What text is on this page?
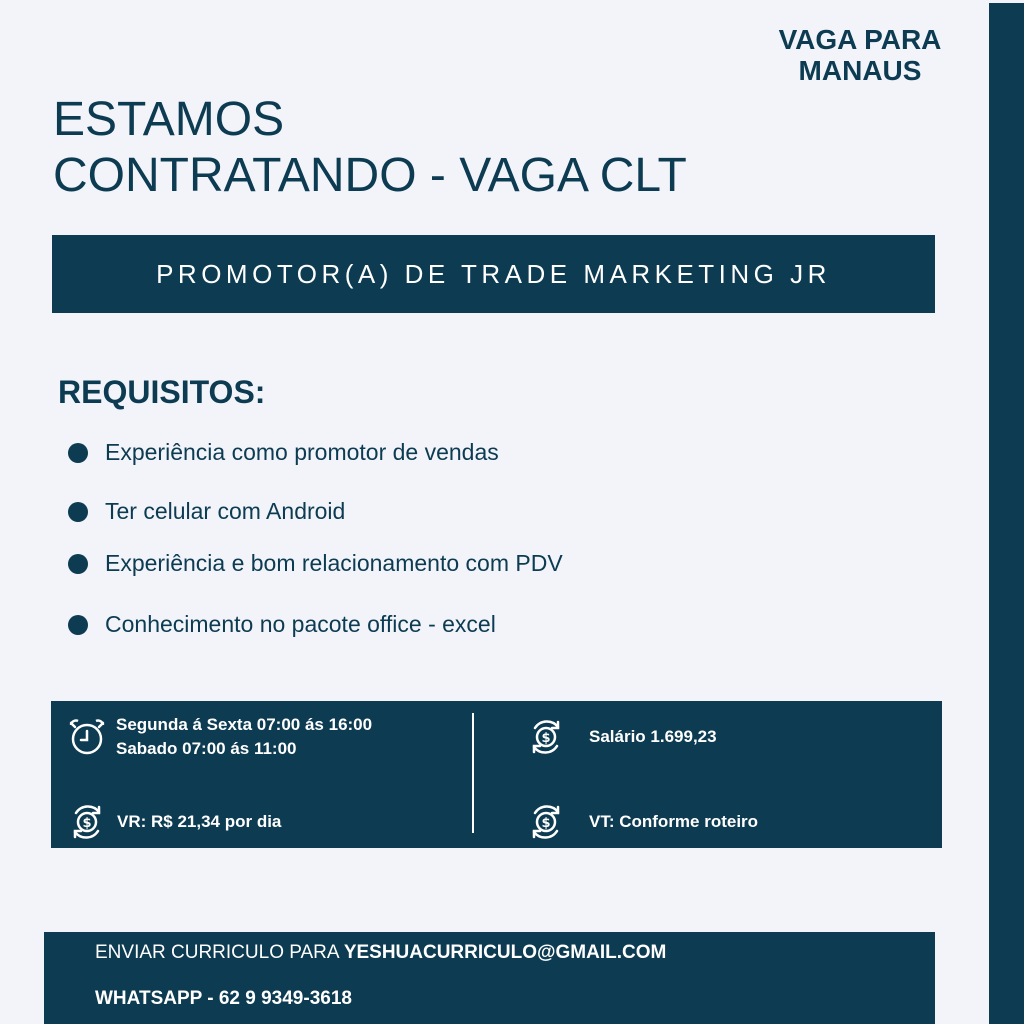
VAGA PARA
MANAUS
ESTAMOS
CONTRATANDO - VAGA CLT
PROMOTOR(A) DE TRADE MARKETING JR
REQUISITOS:
Experiência como promotor de vendas
Ter celular com Android
Experiência e bom relacionamento com PDV
Conhecimento no pacote office - excel
Segunda á Sexta 07:00 ás 16:00
Sabado 07:00 ás 11:00
$ Salário 1.699,23
$ VR: R$ 21,34 por dia	$ VT: Conforme roteiro
ENVIAR CURRICULO PARA YESHUACURRICULO@GMAIL.COM
WHATSAPP - 62 9 9349-3618
